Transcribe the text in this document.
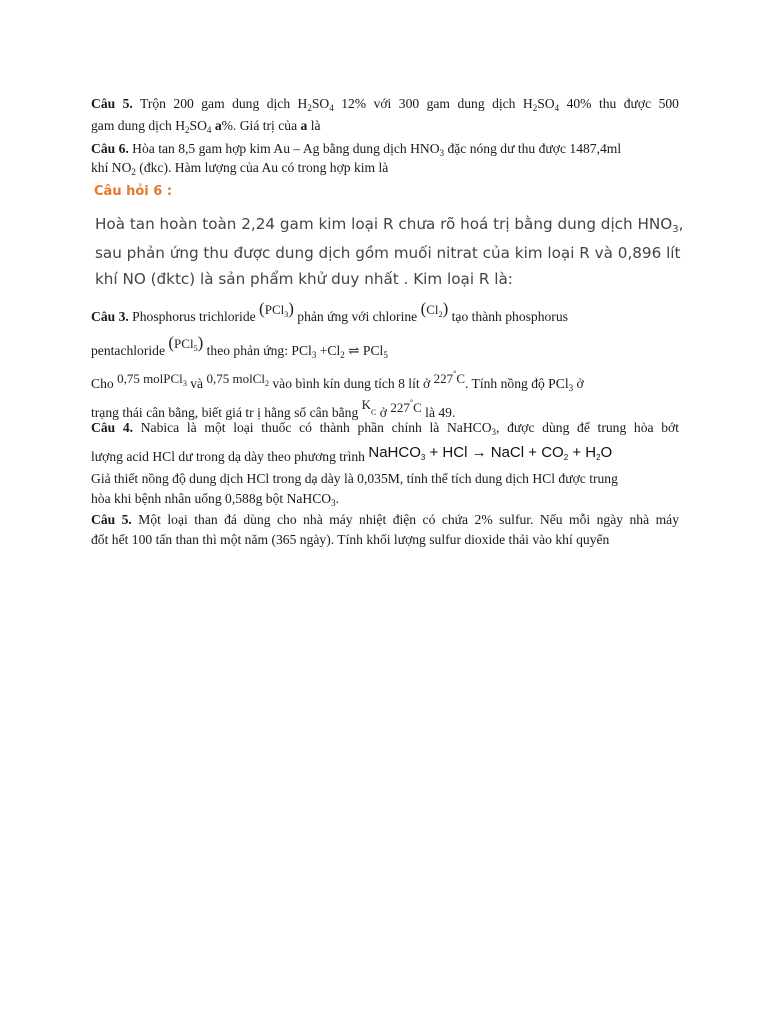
Câu 5. Trộn 200 gam dung dịch $H_2SO_4$ 12% với 300 gam dung dịch $H_2SO_4$ 40% thu được 500
gam dung dịch $H_2SO_4$ a%. Giá trị của a là
Câu 6. Hòa tan 8,5 gam hợp kim Au – Ag bằng dung dịch $HNO_3$ đặc nóng dư thu được 1487,4ml
khí $NO_2$ (đkc). Hàm lượng của Au có trong hợp kim là
Câu hỏi 6 :
Hoà tan hoàn toàn 2,24 gam kim loại R chưa rõ hoá trị bằng dung dịch $HNO_3$,
sau phản ứng thu được dung dịch gồm muối nitrat của kim loại R và 0,896 lít
khí NO (đktc) là sản phẩm khử duy nhất . Kim loại R là:
Câu 3. Phosphorus trichloride (PCl$_3$) phản ứng với chlorine $(Cl_2)$ tạo thành phosphorus
pentachloride (PCl$_5$) theo phản ứng: $PCl_3 +Cl_2$ ⇌ PCl$_5$
Cho 0,75 molPCl$_3$ và 0,75 molCl$_2$ vào bình kín dung tích 8 lít ở 227°C. Tính nồng độ PCl$_3$ ở
trạng thái cân bằng, biết giá tr ị hằng số cân bằng $K_C$ ở 227°C là 49.
Câu 4. Nabica là một loại thuốc có thành phần chính là NaHCO$_3$, được dùng để trung hòa bớt
lượng acid HCl dư trong dạ dày theo phương trình NaHCO$_3$ + HCl → NaCl + $CO_2 + H_2O$
Giả thiết nồng độ dung dịch HCl trong dạ dày là 0,035M, tính thể tích dung dịch HCl được trung
hòa khi bệnh nhân uống 0,588g bột NaHCO$_3$.
Câu 5. Một loại than đá dùng cho nhà máy nhiệt điện có chứa 2% sulfur. Nếu mỗi ngày nhà máy
đốt hết 100 tấn than thì một năm (365 ngày). Tính khối lượng sulfur dioxide thải vào khí quyển
